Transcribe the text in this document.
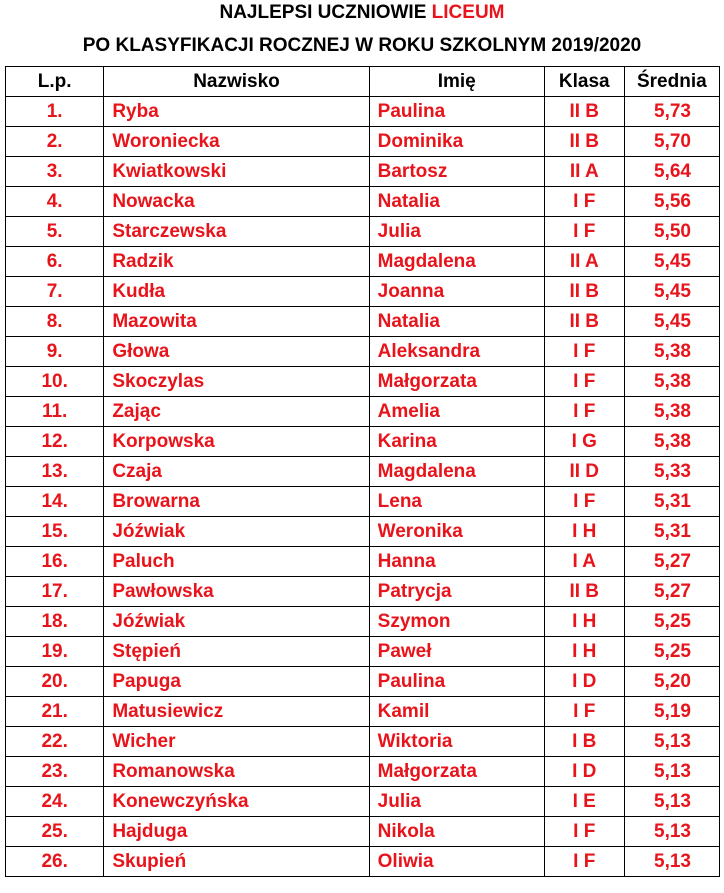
NAJLEPSI UCZNIOWIE LICEUM
PO KLASYFIKACJI ROCZNEJ W ROKU SZKOLNYM 2019/2020
L.p.	Nazwisko	Imię	Klasa	Średnia
1.	Ryba	Paulina	II B	5,73
2.	Woroniecka	Dominika	II B	5,70
3.	Kwiatkowski	Bartosz	II A	5,64
4.	Nowacka	Natalia	I F	5,56
5.	Starczewska	Julia	I F	5,50
6.	Radzik	Magdalena	II A	5,45
7.	Kudła	Joanna	II B	5,45
8.	Mazowita	Natalia	II B	5,45
9.	Głowa	Aleksandra	I F	5,38
10.	Skoczylas	Małgorzata	I F	5,38
11.	Zając	Amelia	I F	5,38
12.	Korpowska	Karina	I G	5,38
13.	Czaja	Magdalena	II D	5,33
14.	Browarna	Lena	I F	5,31
15.	Jóźwiak	Weronika	I H	5,31
16.	Paluch	Hanna	I A	5,27
17.	Pawłowska	Patrycja	II B	5,27
18.	Jóźwiak	Szymon	I H	5,25
19.	Stępień	Paweł	I H	5,25
20.	Papuga	Paulina	I D	5,20
21.	Matusiewicz	Kamil	I F	5,19
22.	Wicher	Wiktoria	I B	5,13
23.	Romanowska	Małgorzata	I D	5,13
24.	Konewczyńska	Julia	I E	5,13
25.	Hajduga	Nikola	I F	5,13
26.	Skupień	Oliwia	I F	5,13
